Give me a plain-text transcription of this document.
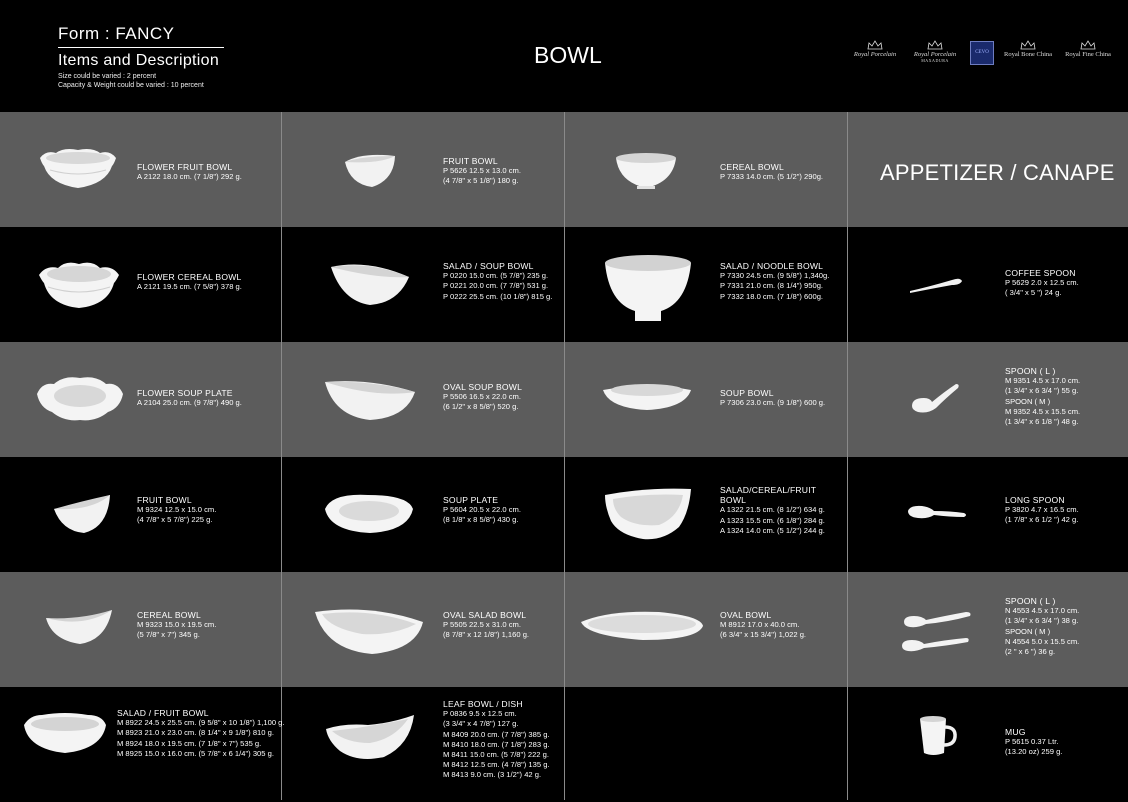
Form : FANCY
Items and Description
Size could be varied : 2 percent
Capacity & Weight could be varied : 10 percent
BOWL	Royal Porcelain	Royal Porcelain
MAXADURA
CEVO	Royal Bone China	Royal Fine China
FLOWER FRUIT BOWL
A 2122 18.0 cm. (7 1/8") 292 g.
FRUIT BOWL
P 5626 12.5 x 13.0 cm.
(4 7/8" x 5 1/8") 180 g.
CEREAL BOWL
P 7333 14.0 cm. (5 1/2") 290g.	APPETIZER / CANAPE
FLOWER CEREAL BOWL
A 2121 19.5 cm. (7 5/8") 378 g.
SALAD / SOUP BOWL
P 0220 15.0 cm. (5 7/8") 235 g.
P 0221 20.0 cm. (7 7/8") 531 g.
P 0222 25.5 cm. (10 1/8") 815 g.
SALAD / NOODLE BOWL
P 7330 24.5 cm. (9 5/8") 1,340g.
P 7331 21.0 cm. (8 1/4") 950g.
P 7332 18.0 cm. (7 1/8") 600g.
COFFEE SPOON
P 5629 2.0 x 12.5 cm.
( 3/4" x 5 ") 24 g.
FLOWER SOUP PLATE
A 2104 25.0 cm. (9 7/8") 490 g.
OVAL SOUP BOWL
P 5506 16.5 x 22.0 cm.
(6 1/2" x 8 5/8") 520 g.
SOUP BOWL
P 7306 23.0 cm. (9 1/8") 600 g.
SPOON ( L )
M 9351 4.5 x 17.0 cm.
(1 3/4" x 6 3/4 ") 55 g.
SPOON ( M )
M 9352 4.5 x 15.5 cm.
(1 3/4" x 6 1/8 ") 48 g.
FRUIT BOWL
M 9324 12.5 x 15.0 cm.
(4 7/8" x 5 7/8") 225 g.
SOUP PLATE
P 5604 20.5 x 22.0 cm.
(8 1/8" x 8 5/8") 430 g.
SALAD/CEREAL/FRUIT
BOWL
A 1322 21.5 cm. (8 1/2") 634 g.
A 1323 15.5 cm. (6 1/8") 284 g.
A 1324 14.0 cm. (5 1/2") 244 g.
LONG SPOON
P 3820 4.7 x 16.5 cm.
(1 7/8" x 6 1/2 ") 42 g.
CEREAL BOWL
M 9323 15.0 x 19.5 cm.
(5 7/8" x 7") 345 g.
OVAL SALAD BOWL
P 5505 22.5 x 31.0 cm.
(8 7/8" x 12 1/8") 1,160 g.
OVAL BOWL
M 8912 17.0 x 40.0 cm.
(6 3/4" x 15 3/4") 1,022 g.
SPOON ( L )
N 4553 4.5 x 17.0 cm.
(1 3/4" x 6 3/4 ") 38 g.
SPOON ( M )
N 4554 5.0 x 15.5 cm.
(2 " x 6 ") 36 g.
SALAD / FRUIT BOWL
M 8922 24.5 x 25.5 cm. (9 5/8" x 10 1/8") 1,100 g.
M 8923 21.0 x 23.0 cm. (8 1/4" x 9 1/8") 810 g.
M 8924 18.0 x 19.5 cm. (7 1/8" x 7") 535 g.
M 8925 15.0 x 16.0 cm. (5 7/8" x 6 1/4") 305 g.
LEAF BOWL / DISH
P 0836 9.5 x 12.5 cm.
(3 3/4" x 4 7/8") 127 g.
M 8409 20.0 cm. (7 7/8") 385 g.
M 8410 18.0 cm. (7 1/8") 283 g.
M 8411 15.0 cm. (5 7/8") 222 g.
M 8412 12.5 cm. (4 7/8") 135 g.
M 8413 9.0 cm. (3 1/2") 42 g.
MUG
P 5615 0.37 Ltr.
(13.20 oz) 259 g.
